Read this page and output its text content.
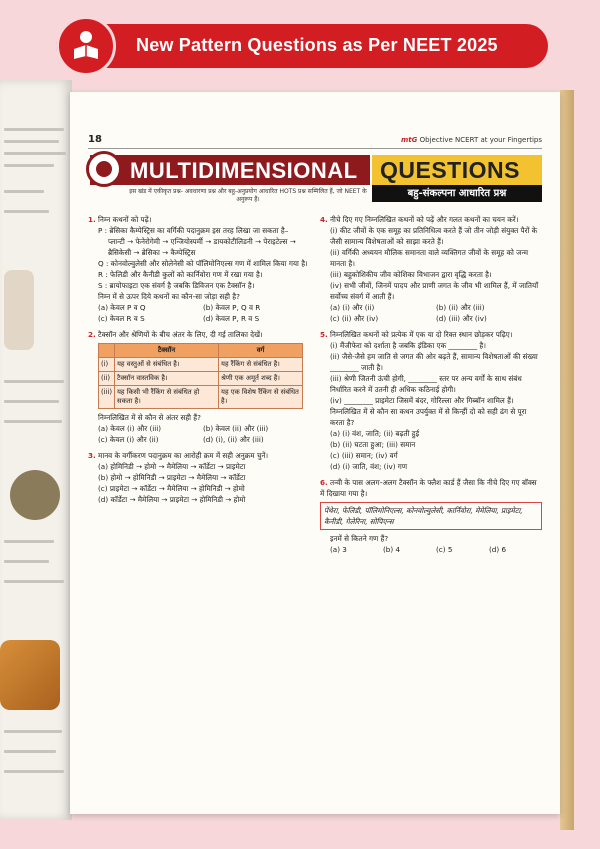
New Pattern Questions as Per NEET 2025
18	mtG Objective NCERT at your Fingertips
MULTIDIMENSIONAL QUESTIONS
बहु-संकल्पना आधारित प्रश्न
इस खंड में एकीकृत प्रश्न- अवधारणा प्रश्न और बहु-अनुप्रयोग आधारित HOTS प्रश्न सम्मिलित हैं, जो NEET के अनुरूप हैं।
1. निम्न कथनों को पढ़ें।
P : ब्रेसिका कैम्पेस्ट्रिस का वर्गिकी पदानुक्रम इस तरह लिखा जा सकता है–
प्लान्टी → फेनेरोगेमी → एन्जियोस्पर्मी → डायकोटीलिडनी → पेराइटेल्स → ब्रैसिकेसी → ब्रेसिका → कैम्पेस्ट्रिस
Q : कोनवोल्वुलेसी और सोलेनेसी को पॉलिमोनिएल्स गण में शामिल किया गया है।
R : फेलिडी और कैनीडी कुलों को कार्निवोरा गण में रखा गया है।
S : ब्रायोफाइटा एक संवर्ग है जबकि डिविजन एक टैक्सॉन है।
निम्न में से ऊपर दिये कथनों का कौन-सा जोड़ा सही है?
(a) केवल P व Q	(b) केवल P, Q व R
(c) केवल R व S	(d) केवल P, R व S
2. टैक्सॉन और श्रेणियों के बीच अंतर के लिए, दी गई तालिका देखें।
	टैक्सॉन	वर्ग
(i)	यह वस्तुओं से संबंधित है।	यह रैंकिंग से संबंधित है।
(ii)	टैक्सॉन वास्तविक है।	श्रेणी एक अमूर्त शब्द है।
(iii)	यह किसी भी रैंकिंग से संबंधित हो सकता है।	यह एक विशेष रैंकिंग से संबंधित है।
निम्नलिखित में से कौन से अंतर सही हैं?
(a) केवल (i) और (iii)	(b) केवल (ii) और (iii)
(c) केवल (i) और (ii)	(d) (i), (ii) और (iii)
3. मानव के वर्गीकरण पदानुक्रम का आरोही क्रम में सही अनुक्रम चुनें।
(a) होमिनिडी → होमो → मैमेलिया → कॉर्डेटा → प्राइमेटा
(b) होमो → होमिनिडी → प्राइमेटा → मैमेलिया → कॉर्डेटा
(c) प्राइमेटा → कॉर्डेटा → मैमेलिया → होमिनिडी → होमो
(d) कॉर्डेटा → मैमेलिया → प्राइमेटा → होमिनिडी → होमो
4. नीचे दिए गए निम्नलिखित कथनों को पढ़ें और गलत कथनों का चयन करें।
(i) कीट जीवों के एक समूह का प्रतिनिधित्व करते हैं जो तीन जोड़ी संयुक्त पैरों के जैसी सामान्य विशेषताओं को साझा करते हैं।
(ii) वर्गिकी अध्ययन मौलिक समानता वाले व्यक्तिगत जीवों के समूह को जन्म मानता है।
(iii) बहुकोशिकीय जीव कोशिका विभाजन द्वारा वृद्धि करता है।
(iv) सभी जीवों, जिनमें पादप और प्राणी जगत के जीव भी शामिल हैं, में जातियाँ सर्वोच्च संवर्ग में आती हैं।
(a) (i) और (ii)	(b) (ii) और (iii)
(c) (ii) और (iv)	(d) (iii) और (iv)
5. निम्नलिखित कथनों को प्रत्येक में एक या दो रिक्त स्थान छोड़कर पढ़िए।
(i) मैंजीफेरा को दर्शाता है जबकि इंडिका एक ________ है।
(ii) जैसे-जैसे हम जाति से जगत की ओर बढ़ते हैं, सामान्य विशेषताओं की संख्या ________ जाती है।
(iii) श्रेणी जितनी ऊंची होगी, ________ स्तर पर अन्य वर्गों के साथ संबंध निर्धारित करने में उतनी ही अधिक कठिनाई होगी।
(iv) ________ प्राइमेटा जिसमें बंदर, गोरिल्ला और गिब्बॉन शामिल हैं।
निम्नलिखित में से कौन सा कथन उपर्युक्त में से किन्हीं दो को सही ढंग से पूरा करता है?
(a) (i) वंश, जाति; (ii) बढ़ती हुई
(b) (ii) घटता हुआ; (iii) समान
(c) (iii) समान; (iv) वर्ग
(d) (i) जाति, वंश; (iv) गण
6. तन्वी के पास अलग-अलग टैक्सॉन के फ्लैश कार्ड हैं जैसा कि नीचे दिए गए बॉक्स में दिखाया गया है।
पेंथेरा, फेलिडी, पॉलिमोनिएल्स, कोनवोल्वुलेसी, कार्निवोरा, मेमेलिया, प्राइमेटा, कैनीडी, गेलेरिना, सोपिएन्स
इनमें से कितने गण हैं?
(a) 3	(b) 4	(c) 5	(d) 6
